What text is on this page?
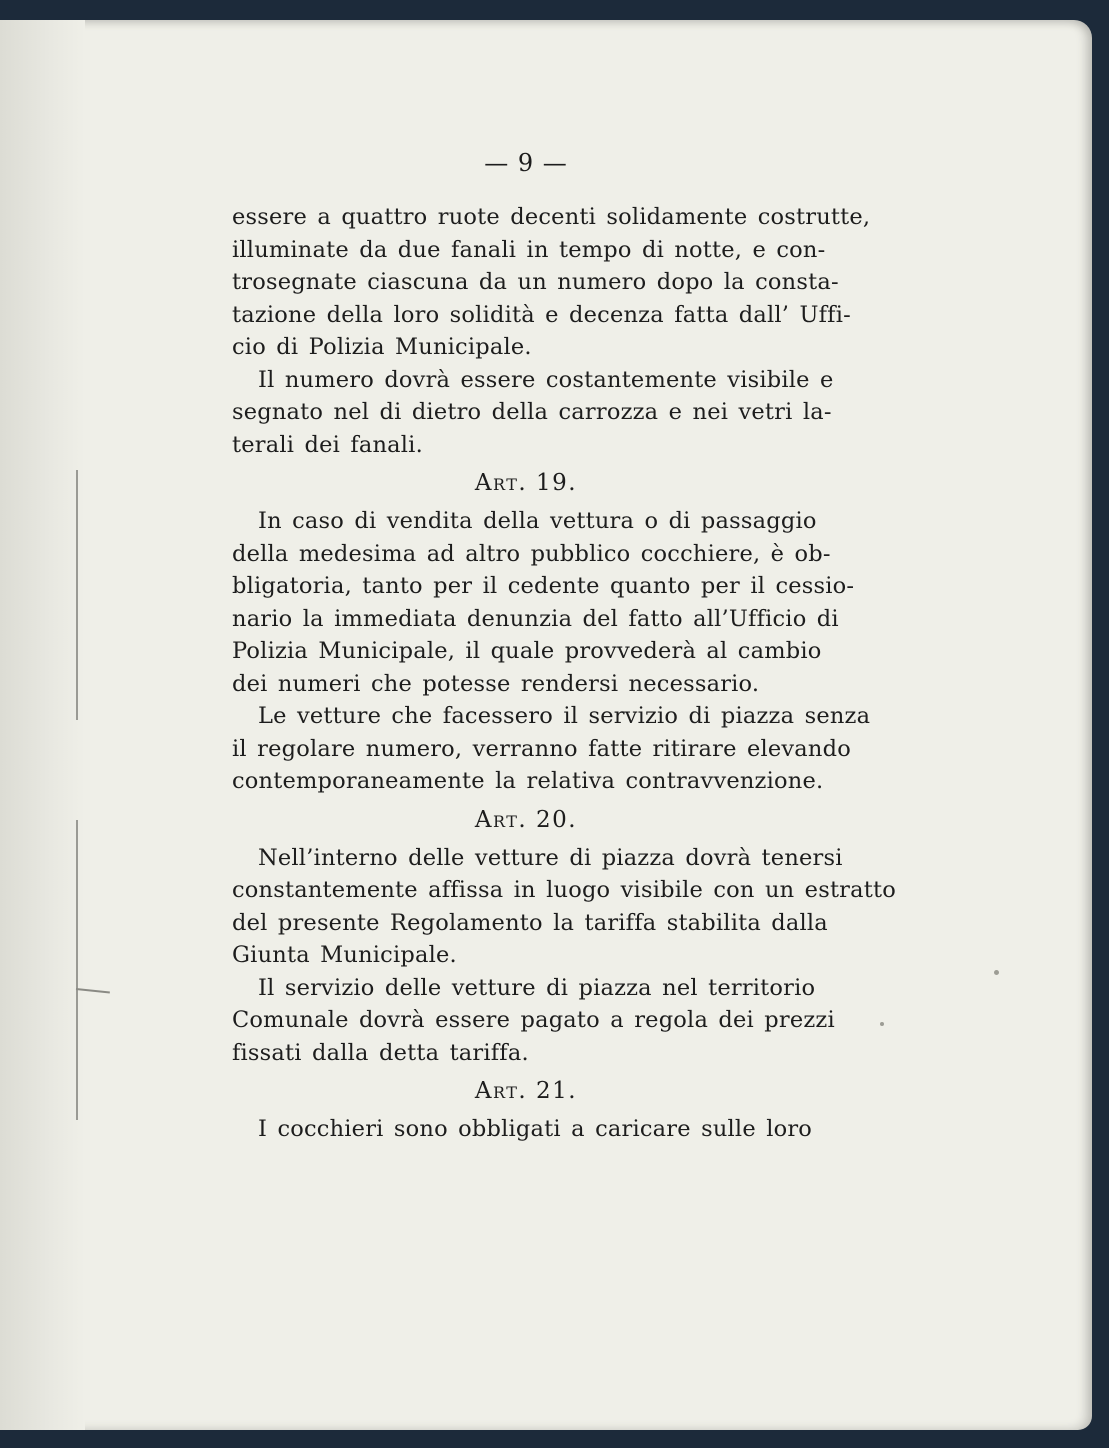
— 9 —
essere a quattro ruote decenti solidamente costrutte,
illuminate da due fanali in tempo di notte, e con-
trosegnate ciascuna da un numero dopo la consta-
tazione della loro solidità e decenza fatta dall’ Uffi-
cio di Polizia Municipale.
Il numero dovrà essere costantemente visibile e
segnato nel di dietro della carrozza e nei vetri la-
terali dei fanali.
Art. 19.
In caso di vendita della vettura o di passaggio
della medesima ad altro pubblico cocchiere, è ob-
bligatoria, tanto per il cedente quanto per il cessio-
nario la immediata denunzia del fatto all’Ufficio di
Polizia Municipale, il quale provvederà al cambio
dei numeri che potesse rendersi necessario.
Le vetture che facessero il servizio di piazza senza
il regolare numero, verranno fatte ritirare elevando
contemporaneamente la relativa contravvenzione.
Art. 20.
Nell’interno delle vetture di piazza dovrà tenersi
constantemente affissa in luogo visibile con un estratto
del presente Regolamento la tariffa stabilita dalla
Giunta Municipale.
Il servizio delle vetture di piazza nel territorio
Comunale dovrà essere pagato a regola dei prezzi
fissati dalla detta tariffa.
Art. 21.
I cocchieri sono obbligati a caricare sulle loro
